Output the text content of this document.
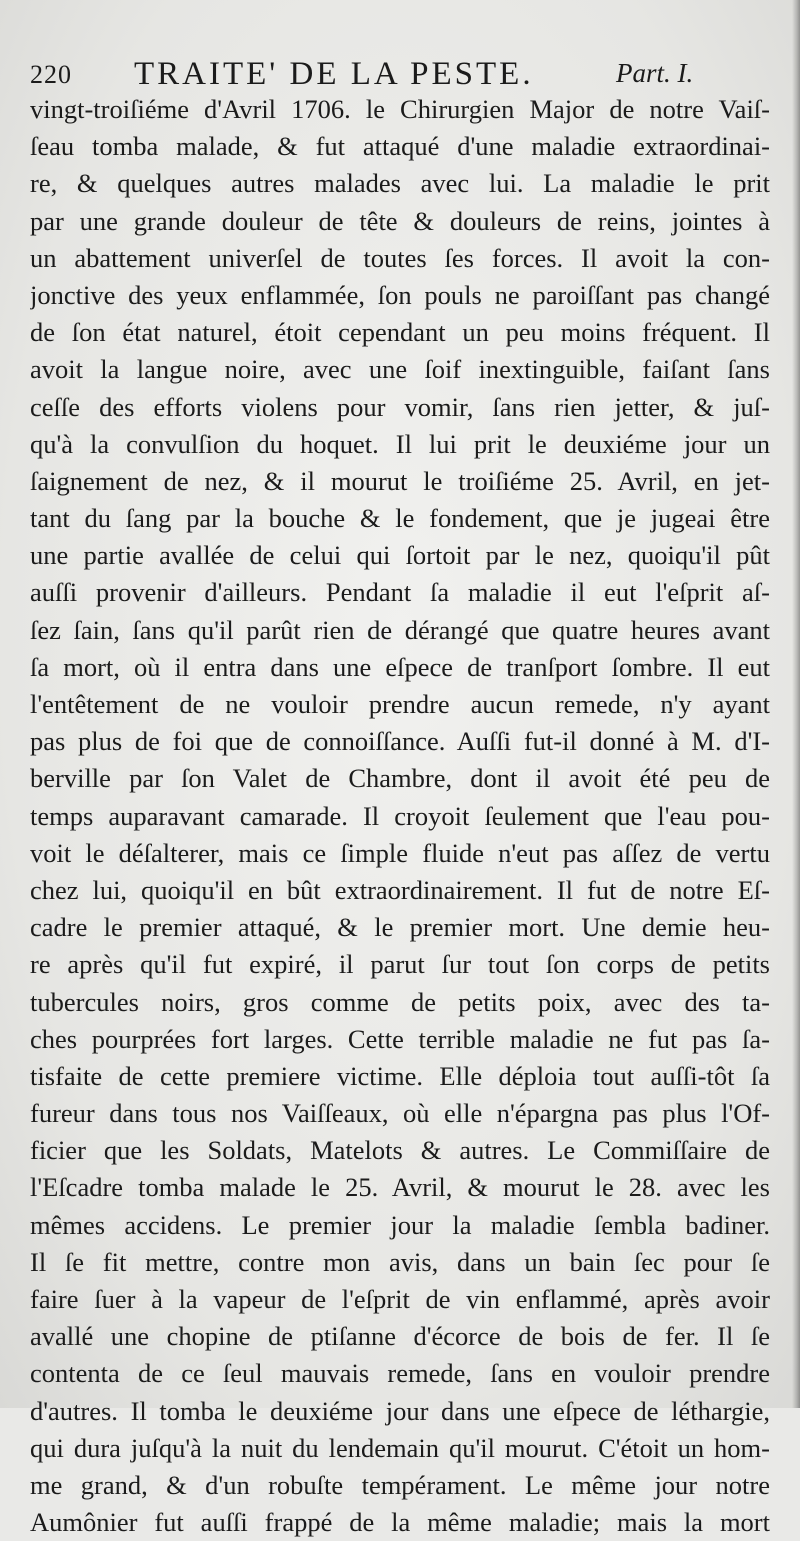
220 TRAITE' DE LA PESTE.	Part. I.
vingt-troiſiéme d'Avril 1706. le Chirurgien Major de notre Vaiſ-
ſeau tomba malade, & fut attaqué d'une maladie extraordinai-
re, & quelques autres malades avec lui. La maladie le prit
par une grande douleur de tête & douleurs de reins, jointes à
un abattement univerſel de toutes ſes forces. Il avoit la con-
jonctive des yeux enflammée, ſon pouls ne paroiſſant pas changé
de ſon état naturel, étoit cependant un peu moins fréquent. Il
avoit la langue noire, avec une ſoif inextinguible, faiſant ſans
ceſſe des efforts violens pour vomir, ſans rien jetter, & juſ-
qu'à la convulſion du hoquet. Il lui prit le deuxiéme jour un
ſaignement de nez, & il mourut le troiſiéme 25. Avril, en jet-
tant du ſang par la bouche & le fondement, que je jugeai être
une partie avallée de celui qui ſortoit par le nez, quoiqu'il pût
auſſi provenir d'ailleurs. Pendant ſa maladie il eut l'eſprit aſ-
ſez ſain, ſans qu'il parût rien de dérangé que quatre heures avant
ſa mort, où il entra dans une eſpece de tranſport ſombre. Il eut
l'entêtement de ne vouloir prendre aucun remede, n'y ayant
pas plus de foi que de connoiſſance. Auſſi fut-il donné à M. d'I-
berville par ſon Valet de Chambre, dont il avoit été peu de
temps auparavant camarade. Il croyoit ſeulement que l'eau pou-
voit le déſalterer, mais ce ſimple fluide n'eut pas aſſez de vertu
chez lui, quoiqu'il en bût extraordinairement. Il fut de notre Eſ-
cadre le premier attaqué, & le premier mort. Une demie heu-
re après qu'il fut expiré, il parut ſur tout ſon corps de petits
tubercules noirs, gros comme de petits poix, avec des ta-
ches pourprées fort larges. Cette terrible maladie ne fut pas ſa-
tisfaite de cette premiere victime. Elle déploia tout auſſi-tôt ſa
fureur dans tous nos Vaiſſeaux, où elle n'épargna pas plus l'Of-
ficier que les Soldats, Matelots & autres. Le Commiſſaire de
l'Eſcadre tomba malade le 25. Avril, & mourut le 28. avec les
mêmes accidens. Le premier jour la maladie ſembla badiner.
Il ſe fit mettre, contre mon avis, dans un bain ſec pour ſe
faire ſuer à la vapeur de l'eſprit de vin enflammé, après avoir
avallé une chopine de ptiſanne d'écorce de bois de fer. Il ſe
contenta de ce ſeul mauvais remede, ſans en vouloir prendre
d'autres. Il tomba le deuxiéme jour dans une eſpece de léthargie,
qui dura juſqu'à la nuit du lendemain qu'il mourut. C'étoit un hom-
me grand, & d'un robuſte tempérament. Le même jour notre
Aumônier fut auſſi frappé de la même maladie; mais la mort
